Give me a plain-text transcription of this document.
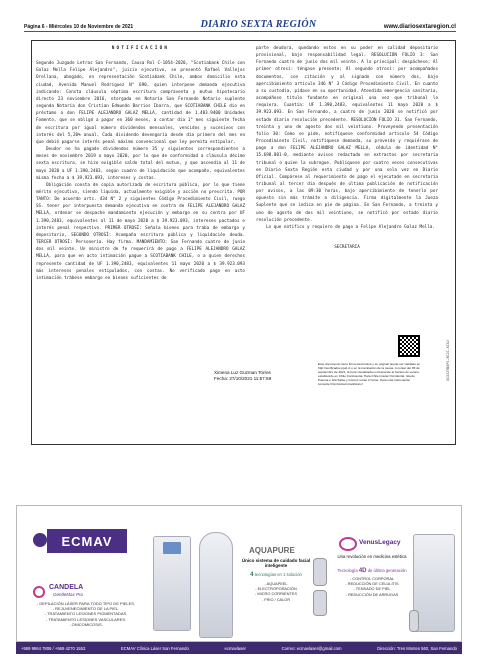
Página 6 - Miércoles 10 de Noviembre de 2021	DIARIO SEXTA REGIÓN	www.diariosextaregion.cl

NOTIFICACIÓN

Segundo Juzgado Letras San Fernando, Causa Rol C-1054-2020, "Scotiabank Chile con Galaz Mella Felipe Alejandro", juicio ejecutivo, se presentó Rafael Vallejos Orellana, abogado, en representación Scotiabank Chile, ambos domicilio esta ciudad, Avenida Manuel Rodríguez N° 690, quien interpone demanda ejecutiva indicando: Consta cláusula séptima escritura compraventa y mutuo hipotecario directo 23 noviembre 2016, otorgada en Notaría San Fernando Notario suplente segunda Notaría don Cristian Edmundo Barrios Ibarra, que SCOTIABANK CHILE dio en préstamo a don FELIPE ALEJANDRO GALAZ MELLA, cantidad de 1.403.9400 Unidades Fomento, que se obligó a pagar en 360 meses, a contar día 1° mes siguiente fecha de escritura por igual número dividendos mensuales, vencidos y sucesivos con interés del 5,20% anual. Cada dividendo devengaría desde día primero del mes en que debió pagarse interés penal máximo convencional que ley permita estipular.

Deudor no ha pagado dividendos número 35 y siguientes correspondientes a meses de noviembre 2019 a mayo 2020, por lo que de conformidad a cláusula décimo sexta escritura, se hizo exigible saldo total del mutuo, y que ascendía al 11 de mayo 2020 a UF 1.390,2483, según cuadro de liquidación que acompaño, equivalentes misma fecha a $ 39.923.093, intereses y costas.

Obligación consta de copia autorizada de escritura pública, por lo que tiene mérito ejecutivo, siendo líquida, actualmente exigible y acción no prescrita. POR TANTO: De acuerdo arts. 434 N° 2 y siguientes Código Procedimiento Civil, ruego SS. tener por interpuesta demanda ejecutiva en contra de FELIPE ALEJANDRO GALAZ MELLA, ordenar se despache mandamiento ejecución y embargo en su contra por UF 1.390,2483, equivalentes al 11 de mayo 2020 a $ 39.923.093, intereses pactados e interés penal respectivo. PRIMER OTROSÍ: Señala bienes para traba de embargo y depositario, SEGUNDO OTROSÍ: Acompaña escritura pública y liquidación deuda. TERCER OTROSÍ: Personería. Hay firma. MANDAMIENTO: San Fernando cuatro de junio dos mil veinte. Un ministro de fe requerirá de pago a FELIPE ALEJANDRO GALAZ MELLA, para que en acto intimación pague a SCOTIABANK CHILE, o a quien derechos represente cantidad de UF 1.390,2483, equivalentes 11 mayo 2020 a $ 39.923.093 más intereses penales estipulados, con costas. No verificado pago en acto intimación trábese embargo en bienes suficientes de

parte deudora, quedando estos en su poder en calidad depositario provisional, bajo responsabilidad legal. RESOLUCIÓN FOLIO 3: San Fernando cuatro de junio dos mil veinte. A lo principal: despáchese; Al primer otrosí: téngase presente; Al segundo otrosí: por acompañados documentos, con citación y al signado con número dos, bajo apercibimiento artículo 346 N° 3 Código Procedimiento Civil. En cuanto a su custodia, pídase en su oportunidad. Atendida emergencia sanitaria, acompáñese título fundante en original una vez que tribunal lo requiera. Cuantía: UF 1.390,2483, equivalentes 11 mayo 2020 a $ 39.923.093. En San Fernando, a cuatro de junio 2020 se notificó por estado diario resolución precedente. RESOLUCIÓN FOLIO 31. San Fernando, treinta y uno de agosto dos mil veintiuno. Proveyendo presentación folio 30: Como se pide, notifíquese conformidad artículo 54 Código Procedimiento Civil, notifíquese demanda, su proveído y requiérase de pago a don FELIPE ALEJANDRO GALAZ MELLA, cédula de identidad N° 15.698.801-0, mediante avisos redactado en extractos por secretaria tribunal o quien la subrogue. Publíquese por cuatro veces consecutivas en Diario Sexta Región esta ciudad y por una sola vez en Diario Oficial. Compárese al requerimiento de pago el ejecutado en secretaría tribunal al tercer día después de última publicación de notificación por avisos, a las 09:30 horas, bajo apercibimiento de tenerlo por opuesto sin más trámite a diligencia. Firma digitalmente la Jueza Suplente que se indica en pie de página. En San Fernando, a treinta y uno de agosto de dos mil veintiuno, se notificó por estado diario resolución precedente.

Lo que notifico y requiero de pago a Felipe Alejandro Galaz Mella.

SECRETARIA

XCXJJYBXPS-8C2C-XCXJ
Ximena Luz Guzman Torres
Fecha: 27/10/2021 11:57:59
Este documento tiene firma electrónica y su original puede ser validado en http://verificadoc.pjud.cl o en la tramitación de la causa. A contar del 05 de septiembre de 2021, la hora visualizada corresponde al horario de verano establecido en Chile Continental. Para Chile Insular Occidental, Isla de Pascua e Isla Salas y Gómez restar 2 horas. Para más información consulte http://www.horaoficial.cl
ECMAV
CANDELA
GentleMax Pro
- DEPILACIÓN LÁSER PARA TODO TIPO DE PIELES.
- REJUVENECIMIENTO DE LA PIEL.
- TRATAMIENTO LESIONES PIGMENTADAS.
- TRATAMIENTO LESIONES VASCULARES.
- ONICOMICOSIS.
AQUAPURE
Único sistema de cuidado facial inteligente
4 tecnologías en 1 solución
- AQUAPEEL
- ELECTROPORACIÓN
- MICRO CORRIENTES
- FRIO / CALOR
VenusLegacy
Una revolución en medicina estética
Tecnología 4D de última generación
- CONTROL CORPORAL
- REDUCCIÓN DE CELULITIS
- TENSADO DE PIEL
- REDUCCIÓN DE ARRUGAS
+569 9964 7806 / +569 4270 1553	ECMAV Clínica Láser San Fernando	ecmavlaser	Correo: ecmavlaser@gmail.com	Dirección: Tres Montes 560, San Fernando
